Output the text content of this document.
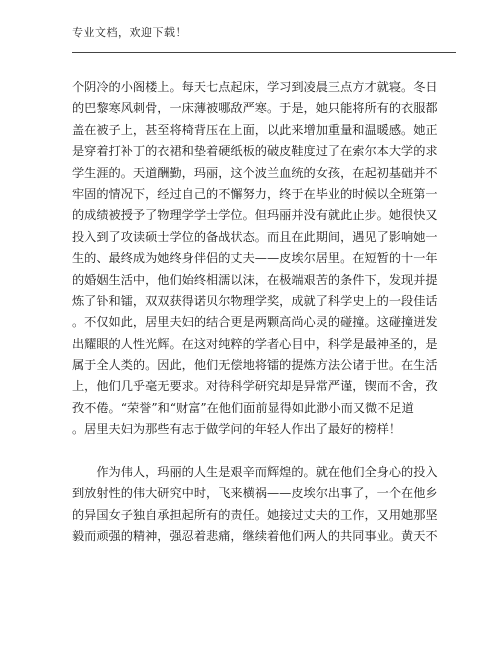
专业文档，欢迎下载！
个阴冷的小阁楼上。每天七点起床，学习到凌晨三点方才就寝。冬日
的巴黎寒风刺骨，一床薄被哪敌严寒。于是，她只能将所有的衣服都
盖在被子上，甚至将椅背压在上面，以此来增加重量和温暖感。她正
是穿着打补丁的衣裙和垫着硬纸板的破皮鞋度过了在索尔本大学的求
学生涯的。天道酬勤，玛丽，这个波兰血统的女孩，在起初基础并不
牢固的情况下，经过自己的不懈努力，终于在毕业的时候以全班第一
的成绩被授予了物理学学士学位。但玛丽并没有就此止步。她很快又
投入到了攻读硕士学位的备战状态。而且在此期间，遇见了影响她一
生的、最终成为她终身伴侣的丈夫——皮埃尔居里。在短暂的十一年
的婚姻生活中，他们始终相濡以沫，在极端艰苦的条件下，发现并提
炼了钋和镭，双双获得诺贝尔物理学奖，成就了科学史上的一段佳话
。不仅如此，居里夫妇的结合更是两颗高尚心灵的碰撞。这碰撞迸发
出耀眼的人性光辉。在这对纯粹的学者心目中，科学是最神圣的，是
属于全人类的。因此，他们无偿地将镭的提炼方法公诸于世。在生活
上，他们几乎毫无要求。对待科学研究却是异常严谨，锲而不舍，孜
孜不倦。“荣誉”和“财富”在他们面前显得如此渺小而又微不足道
。居里夫妇为那些有志于做学问的年轻人作出了最好的榜样！
　　作为伟人，玛丽的人生是艰辛而辉煌的。就在他们全身心的投入
到放射性的伟大研究中时，飞来横祸——皮埃尔出事了，一个在他乡
的异国女子独自承担起所有的责任。她接过丈夫的工作，又用她那坚
毅而顽强的精神，强忍着悲痛，继续着他们两人的共同事业。黄天不
